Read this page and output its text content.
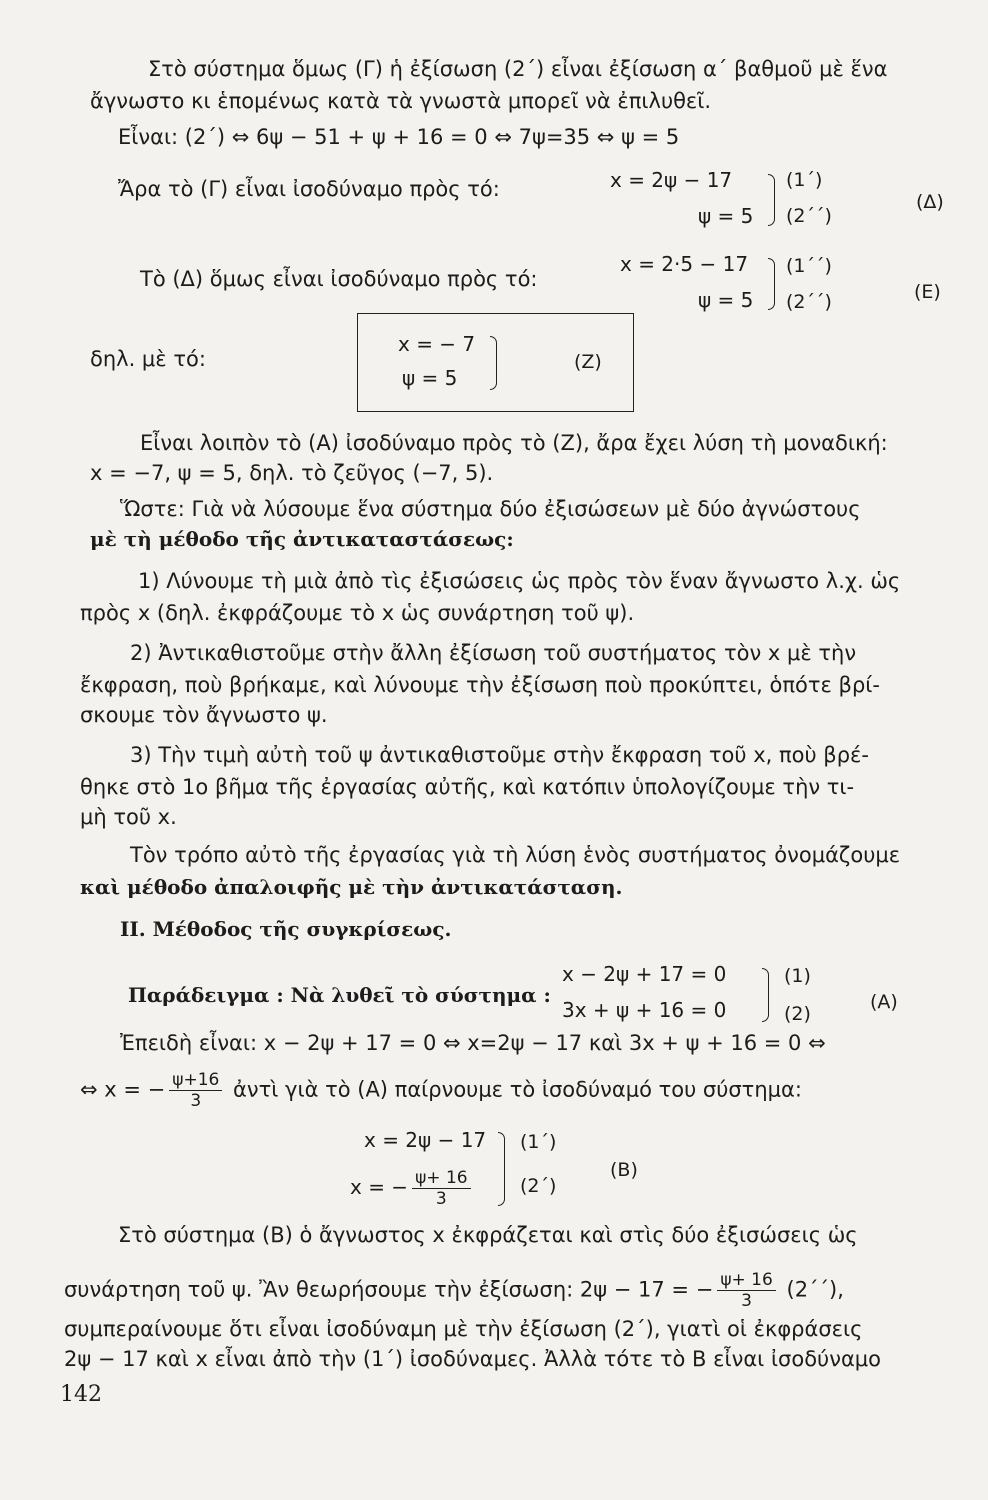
Στὸ σύστημα ὅμως (Γ) ἡ ἐξίσωση (2΄) εἶναι ἐξίσωση α΄ βαθμοῦ μὲ ἕνα
ἄγνωστο κι ἑπομένως κατὰ τὰ γνωστὰ μπορεῖ νὰ ἐπιλυθεῖ.
Εἶναι: (2΄) ⇔ 6ψ − 51 + ψ + 16 = 0 ⇔ 7ψ=35 ⇔ ψ = 5
Ἄρα τὸ (Γ) εἶναι ἰσοδύναμο πρὸς τό:	x = 2ψ − 17
ψ = 5
(1΄)
(2΄΄)
(Δ)
Τὸ (Δ) ὅμως εἶναι ἰσοδύναμο πρὸς τό:
x = 2·5 − 17
ψ = 5
(1΄΄)
(2΄΄)	(Ε)
δηλ. μὲ τό:
x = − 7
ψ = 5
(Ζ)
Εἶναι λοιπὸν τὸ (Α) ἰσοδύναμο πρὸς τὸ (Ζ), ἄρα ἔχει λύση τὴ μοναδική:
x = −7, ψ = 5, δηλ. τὸ ζεῦγος (−7, 5).
Ὥστε: Γιὰ νὰ λύσουμε ἕνα σύστημα δύο ἐξισώσεων μὲ δύο ἀγνώστους
μὲ τὴ μέθοδο τῆς ἀντικαταστάσεως:
1) Λύνουμε τὴ μιὰ ἀπὸ τὶς ἐξισώσεις ὡς πρὸς τὸν ἕναν ἄγνωστο λ.χ. ὡς
πρὸς x (δηλ. ἐκφράζουμε τὸ x ὡς συνάρτηση τοῦ ψ).
2) Ἀντικαθιστοῦμε στὴν ἄλλη ἐξίσωση τοῦ συστήματος τὸν x μὲ τὴν
ἔκφραση, ποὺ βρήκαμε, καὶ λύνουμε τὴν ἐξίσωση ποὺ προκύπτει, ὁπότε βρί-
σκουμε τὸν ἄγνωστο ψ.
3) Τὴν τιμὴ αὐτὴ τοῦ ψ ἀντικαθιστοῦμε στὴν ἔκφραση τοῦ x, ποὺ βρέ-
θηκε στὸ 1ο βῆμα τῆς ἐργασίας αὐτῆς, καὶ κατόπιν ὑπολογίζουμε τὴν τι-
μὴ τοῦ x.
Τὸν τρόπο αὐτὸ τῆς ἐργασίας γιὰ τὴ λύση ἑνὸς συστήματος ὀνομάζουμε
καὶ μέθοδο ἀπαλοιφῆς μὲ τὴν ἀντικατάσταση.
ΙΙ. Μέθοδος τῆς συγκρίσεως.
Παράδειγμα : Νὰ λυθεῖ τὸ σύστημα :
x − 2ψ + 17 = 0
3x + ψ + 16 = 0
(1)
(2)
(Α)
Ἐπειδὴ εἶναι: x − 2ψ + 17 = 0 ⇔ x=2ψ − 17 καὶ 3x + ψ + 16 = 0 ⇔
⇔ x = − $\frac{\psi+16}{3}$ ἀντὶ γιὰ τὸ (Α) παίρνουμε τὸ ἰσοδύναμό του σύστημα:
x = 2ψ − 17
x = − $\frac{\psi+ 16}{3}$
(1΄)
(2΄)
(Β)
Στὸ σύστημα (Β) ὁ ἄγνωστος x ἐκφράζεται καὶ στὶς δύο ἐξισώσεις ὡς
συνάρτηση τοῦ ψ. Ἂν θεωρήσουμε τὴν ἐξίσωση: 2ψ − 17 = − $\frac{\psi+ 16}{3} (2΄΄)$,
συμπεραίνουμε ὅτι εἶναι ἰσοδύναμη μὲ τὴν ἐξίσωση (2΄), γιατὶ οἱ ἐκφράσεις
2ψ − 17 καὶ x εἶναι ἀπὸ τὴν (1΄) ἰσοδύναμες. Ἀλλὰ τότε τὸ Β εἶναι ἰσοδύναμο
142
